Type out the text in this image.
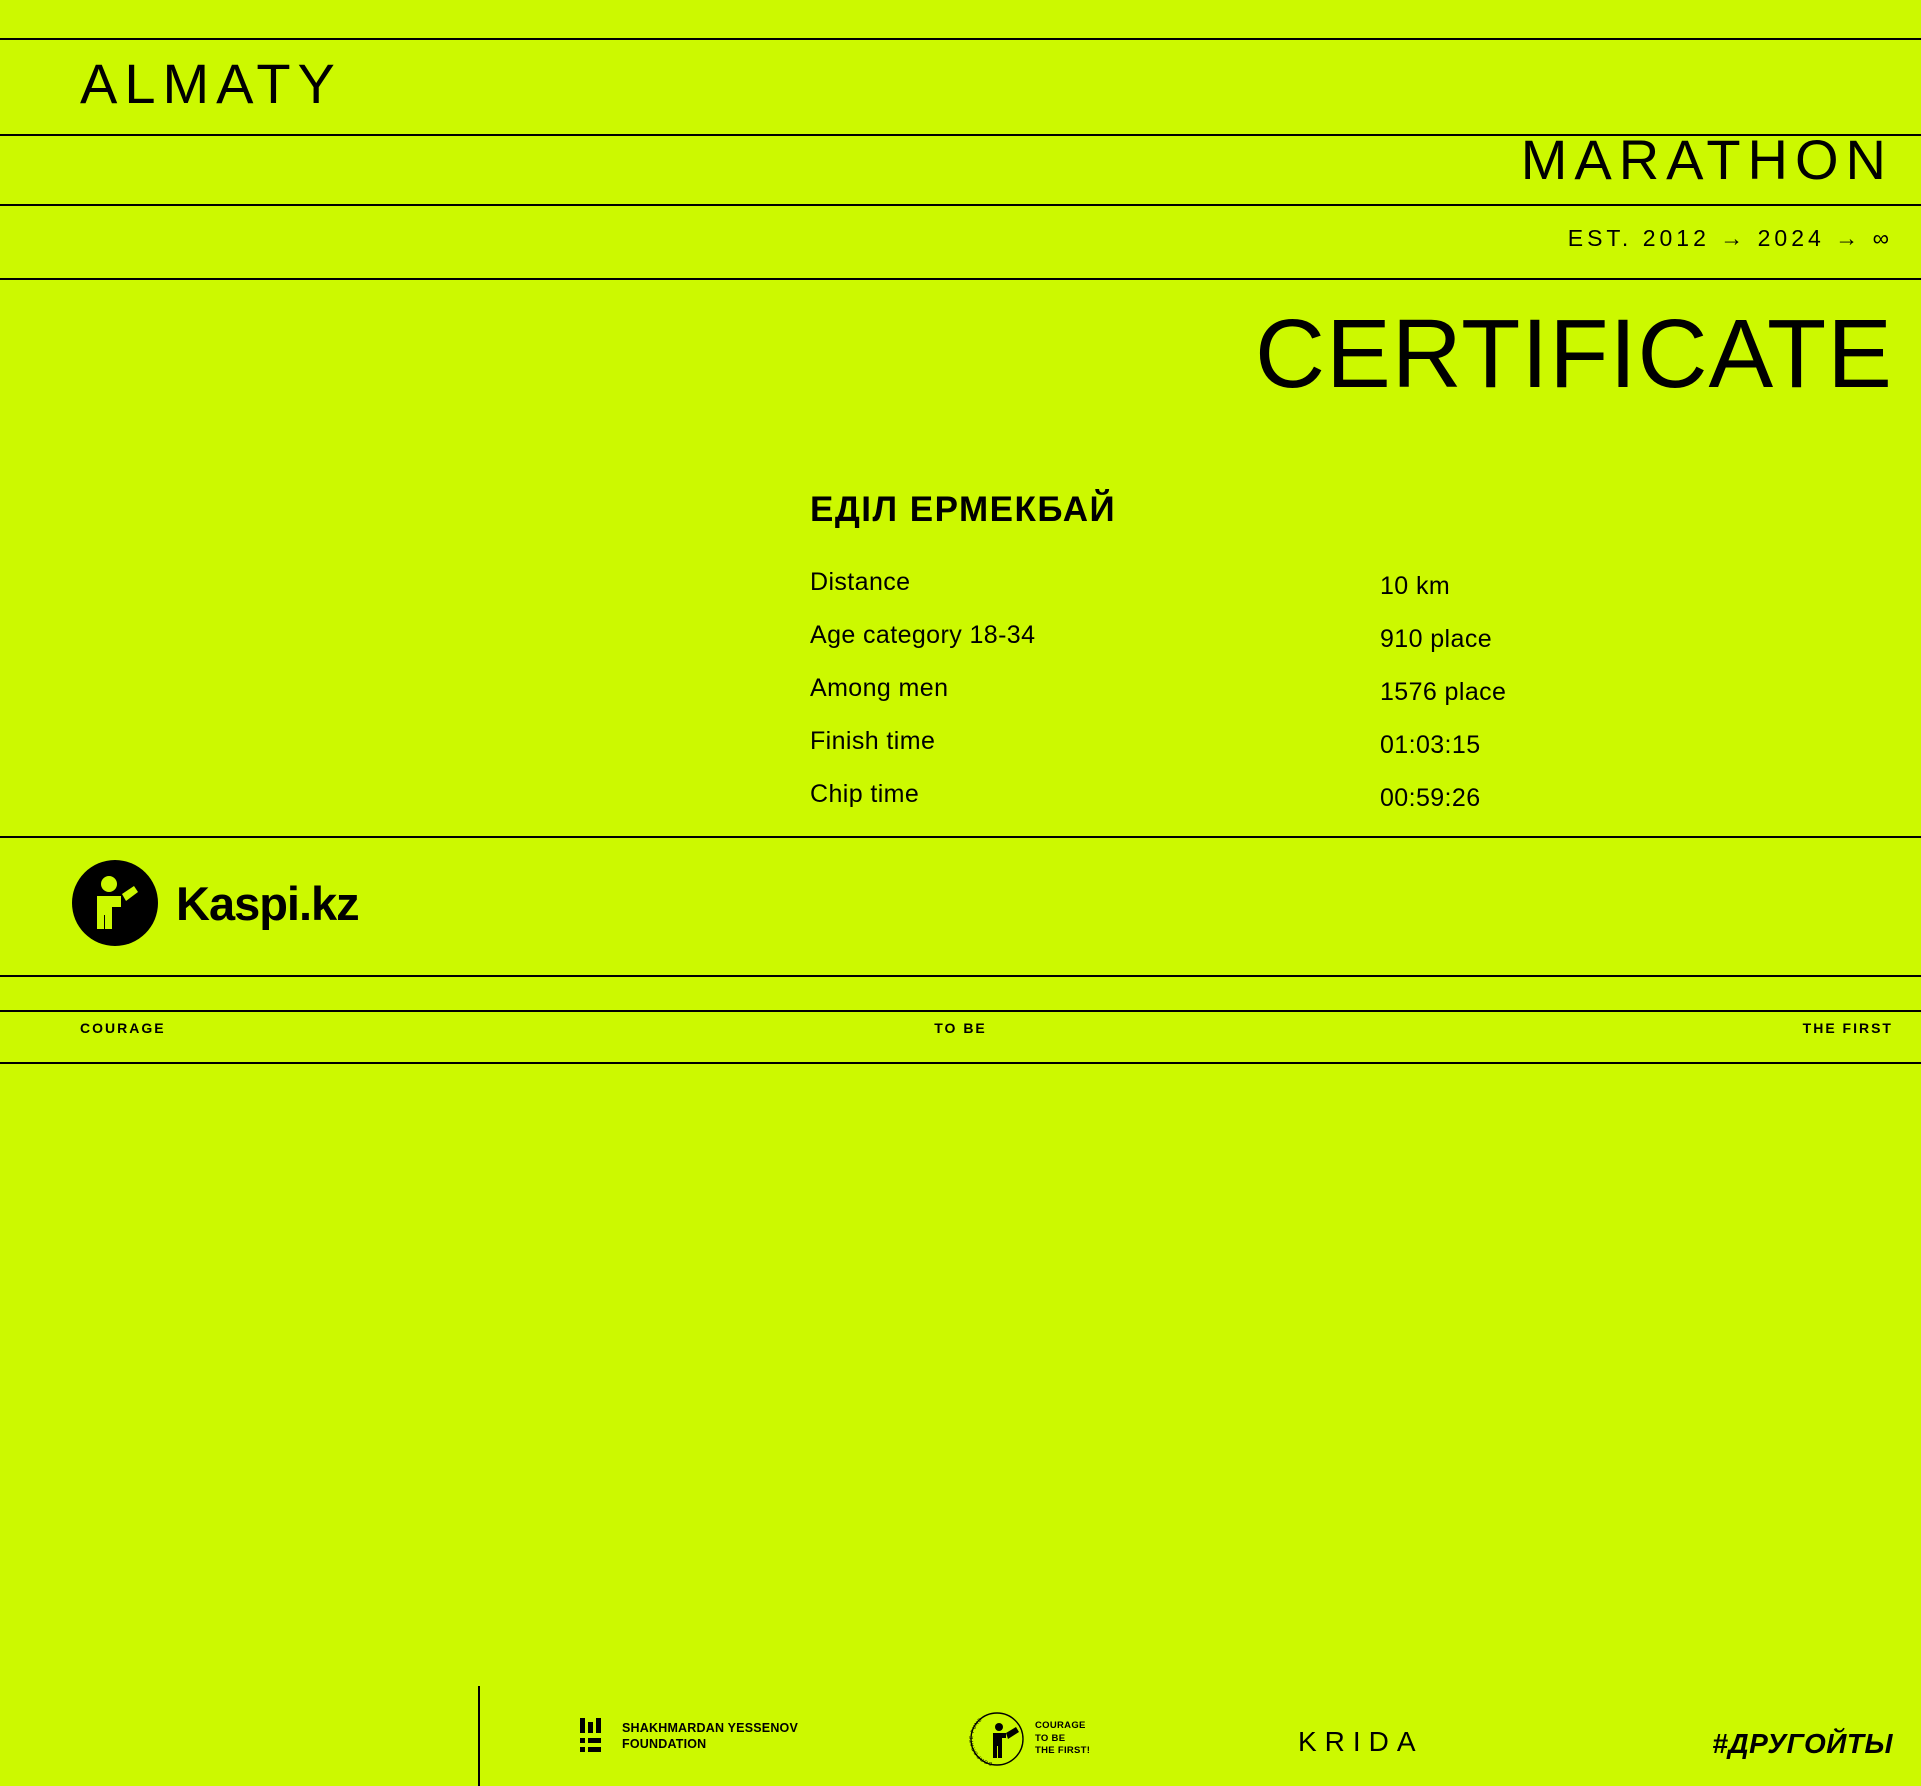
ALMATY
MARATHON
EST. 2012 → 2024 → ∞
CERTIFICATE
ЕДІЛ ЕРМЕКБАЙ
Distance	10 km
Age category 18-34	910 place
Among men	1576 place
Finish time	01:03:15
Chip time	00:59:26
Kaspi.kz
SHAKHMARDAN YESSENOV
FOUNDATION
CORPORATE FUND	COURAGE
TO BE
THE FIRST!	KRIDA	#ДРУГОЙТЫ
COURAGE	TO BE	THE FIRST
